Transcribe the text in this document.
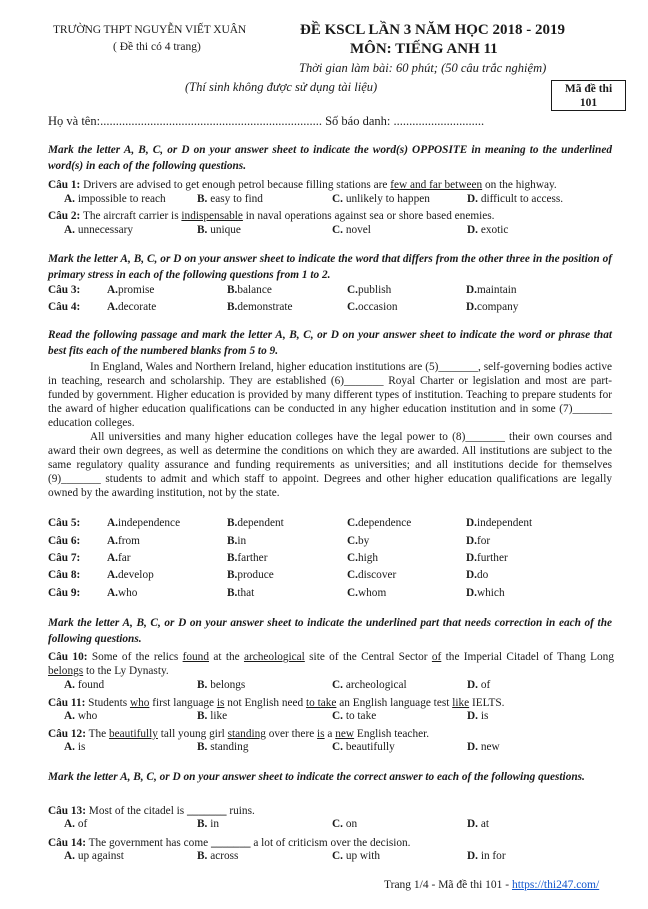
TRƯỜNG THPT NGUYỄN VIẾT XUÂN
( Đề thi có 4 trang)
ĐỀ KSCL LẦN 3 NĂM HỌC 2018 - 2019
MÔN: TIẾNG ANH 11
Thời gian làm bài: 60 phút; (50 câu trắc nghiệm)
(Thí sinh không được sử dụng tài liệu)	Mã đề thi
101
Họ và tên:....................................................................... Số báo danh: .............................
Mark the letter A, B, C, or D on your answer sheet to indicate the word(s) OPPOSITE in meaning to the underlined word(s) in each of the following questions.
Câu 1: Drivers are advised to get enough petrol because filling stations are few and far between on the highway.
A. impossible to reach	B. easy to find	C. unlikely to happen	D. difficult to access.
Câu 2: The aircraft carrier is indispensable in naval operations against sea or shore based enemies.
A. unnecessary	B. unique	C. novel	D. exotic
Mark the letter A, B, C, or D on your answer sheet to indicate the word that differs from the other three in the position of primary stress in each of the following questions from 1 to 2.
Câu 3: A. promise	B. balance	C. publish	D. maintain
Câu 4: A. decorate	B. demonstrate	C. occasion	D. company
Read the following passage and mark the letter A, B, C, or D on your answer sheet to indicate the word or phrase that best fits each of the numbered blanks from 5 to 9.

In England, Wales and Northern Ireland, higher education institutions are (5)_______, self-governing bodies active in teaching, research and scholarship. They are established (6)_______ Royal Charter or legislation and most are part-funded by government. Higher education is provided by many different types of institution. Teaching to prepare students for the award of higher education qualifications can be conducted in any higher education institution and in some (7)_______ education colleges.

All universities and many higher education colleges have the legal power to (8)_______ their own courses and award their own degrees, as well as determine the conditions on which they are awarded. All institutions are subject to the same regulatory quality assurance and funding requirements as universities; and all institutions decide for themselves (9)_______ students to admit and which staff to appoint. Degrees and other higher education qualifications are legally owned by the awarding institution, not by the state.

Câu 5: A. independence	B. dependent	C. dependence	D. independent
Câu 6: A. from	B. in	C. by	D. for
Câu 7: A. far	B. farther	C. high	D. further
Câu 8: A. develop	B. produce	C. discover	D. do
Câu 9: A. who	B. that	C. whom	D. which
Mark the letter A, B, C, or D on your answer sheet to indicate the underlined part that needs correction in each of the following questions.
Câu 10: Some of the relics found at the archeological site of the Central Sector of the Imperial Citadel of Thang Long belongs to the Ly Dynasty.
A. found	B. belongs	C. archeological	D. of
Câu 11: Students who first language is not English need to take an English language test like IELTS.
A. who	B. like	C. to take	D. is
Câu 12: The beautifully tall young girl standing over there is a new English teacher.
A. is	B. standing	C. beautifully	D. new
Mark the letter A, B, C, or D on your answer sheet to indicate the correct answer to each of the following questions.
Câu 13: Most of the citadel is _______ ruins.
A. of	B. in	C. on	D. at
Câu 14: The government has come _______ a lot of criticism over the decision.
A. up against	B. across	C. up with	D. in for
Trang 1/4 - Mã đề thi 101 - https://thi247.com/
